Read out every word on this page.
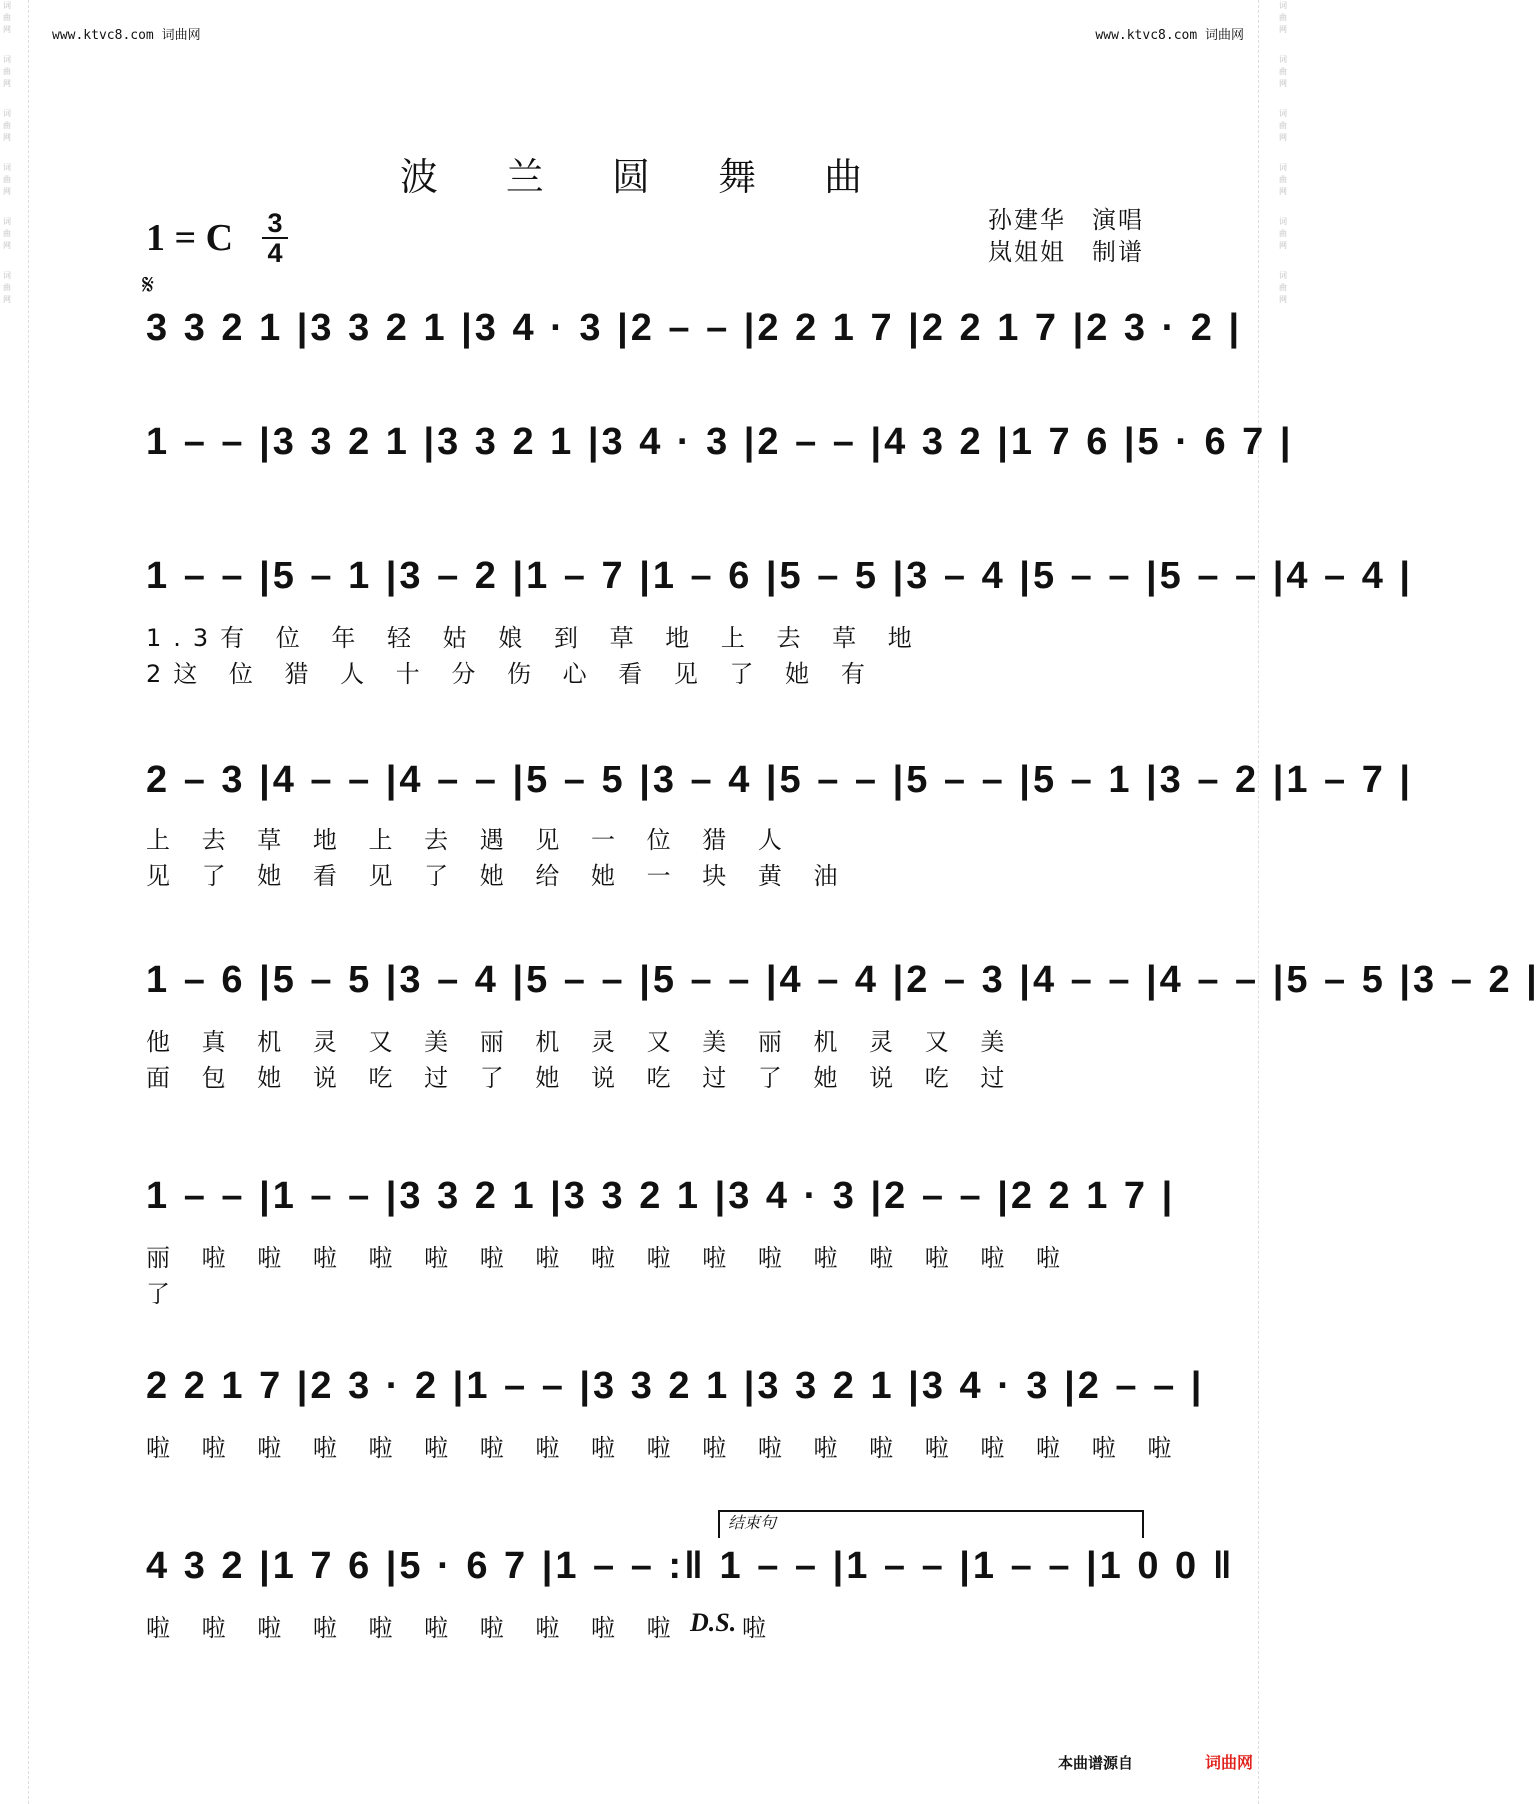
词曲网
词曲网
词曲网
词曲网
词曲网
词曲网
词曲网
词曲网
词曲网
词曲网
词曲网
词曲网
www.ktvc8.com 词曲网	www.ktvc8.com 词曲网
波 兰 圆 舞 曲
1 = C 3
4
孙建华　演唱
岚姐姐　制谱
𝄋
3 3 2 1 |3 3 2 1 |3 4 · 3 |2 – – |2 2 1 7 |2 2 1 7 |2 3 · 2 |
1 – – |3 3 2 1 |3 3 2 1 |3 4 · 3 |2 – – |4 3 2 |1 7 6 |5 · 6 7 |
1 – – |5 – 1 |3 – 2 |1 – 7 |1 – 6 |5 – 5 |3 – 4 |5 – – |5 – – |4 – 4 |
1.3有 位 年 轻 姑 娘 到 草 地 上 去 草 地
2这 位 猎 人 十 分 伤 心 看 见 了 她 有
2 – 3 |4 – – |4 – – |5 – 5 |3 – 4 |5 – – |5 – – |5 – 1 |3 – 2 |1 – 7 |
上 去 草 地 上 去 遇 见 一 位 猎 人
见 了 她 看 见 了 她 给 她 一 块 黄 油
1 – 6 |5 – 5 |3 – 4 |5 – – |5 – – |4 – 4 |2 – 3 |4 – – |4 – – |5 – 5 |3 – 2 |
他 真 机 灵 又 美 丽 机 灵 又 美 丽 机 灵 又 美
面 包 她 说 吃 过 了 她 说 吃 过 了 她 说 吃 过
1 – – |1 – – |3 3 2 1 |3 3 2 1 |3 4 · 3 |2 – – |2 2 1 7 |
丽 啦 啦 啦 啦 啦 啦 啦 啦 啦 啦 啦 啦 啦 啦 啦 啦
了
2 2 1 7 |2 3 · 2 |1 – – |3 3 2 1 |3 3 2 1 |3 4 · 3 |2 – – |
啦 啦 啦 啦 啦 啦 啦 啦 啦 啦 啦 啦 啦 啦 啦 啦 啦 啦 啦
结束句
4 3 2 |1 7 6 |5 · 6 7 |1 – – :‖ 1 – – |1 – – |1 – – |1 0 0 ‖
啦 啦 啦 啦 啦 啦 啦 啦 啦 啦 D.S. 啦
本曲谱源自	词曲网
